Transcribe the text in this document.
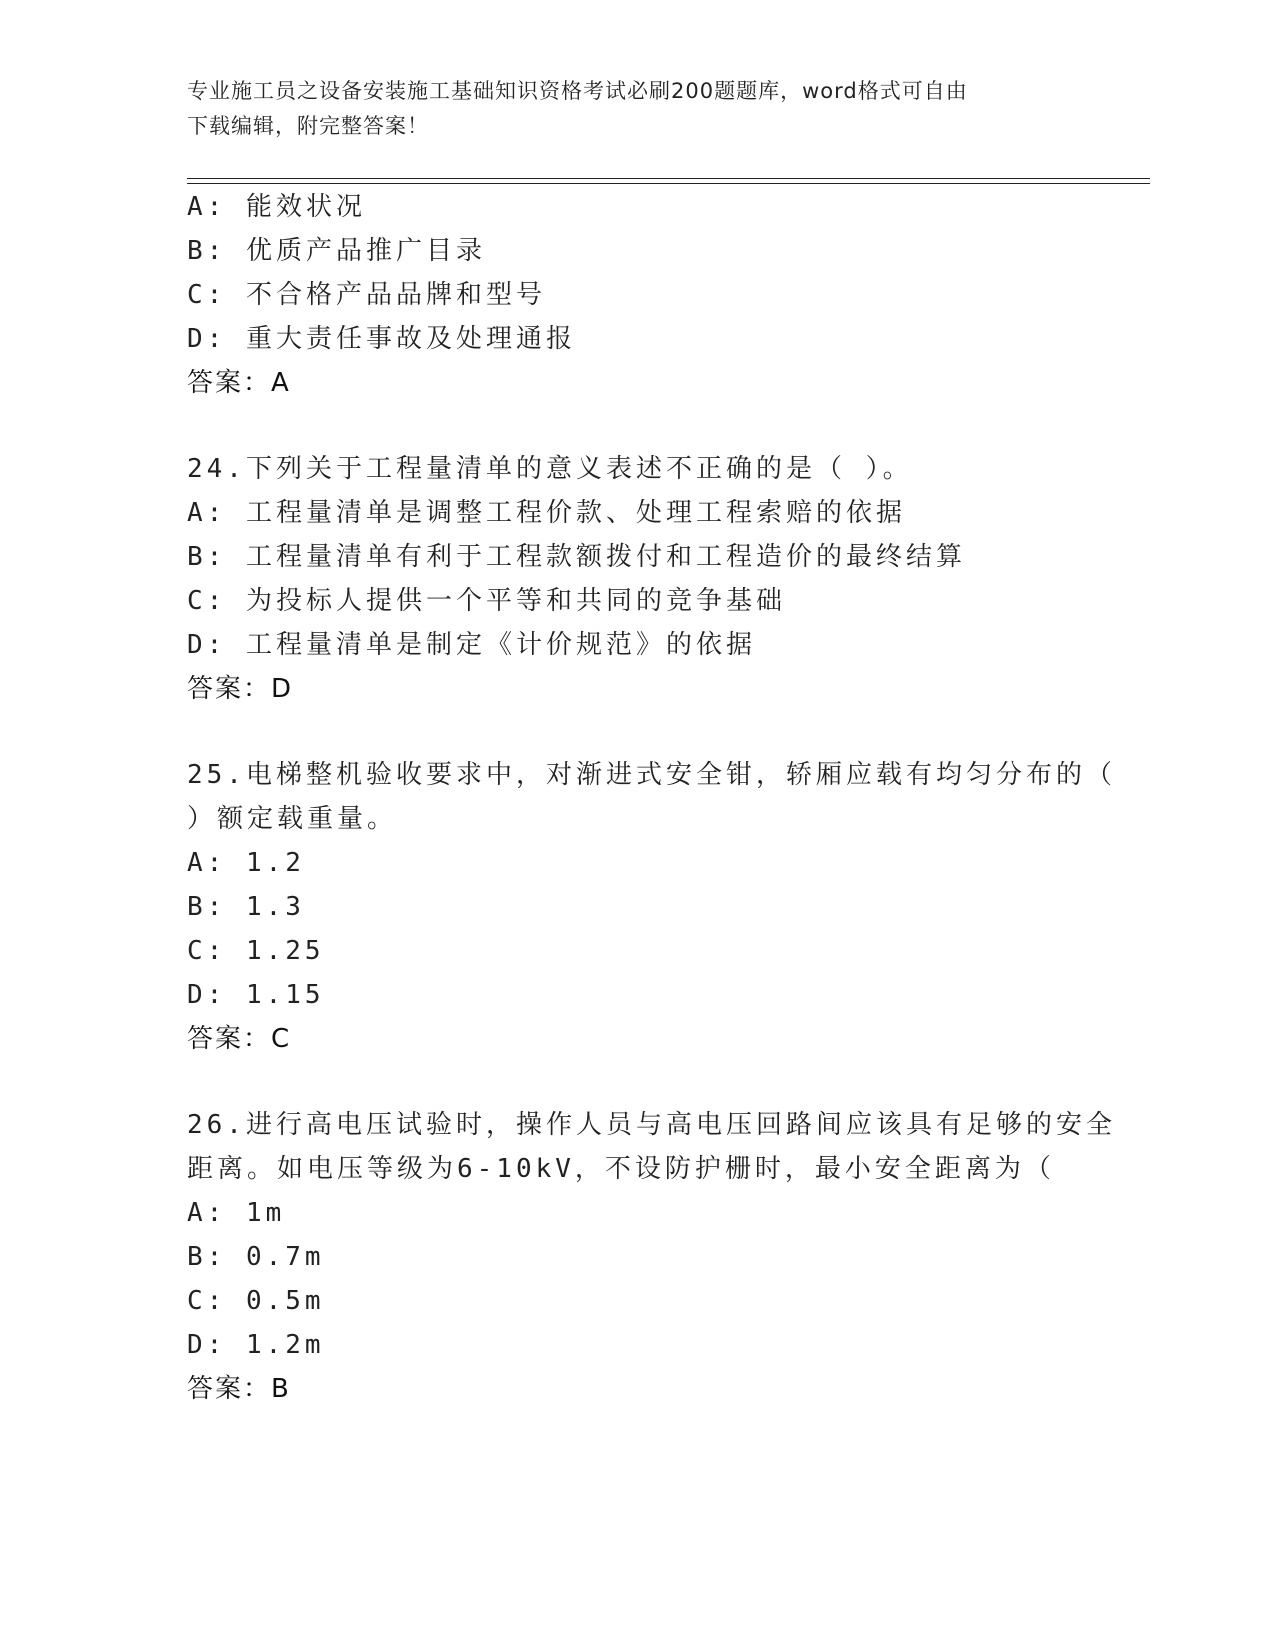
专业施工员之设备安装施工基础知识资格考试必刷200题题库，word格式可自由
下载编辑，附完整答案！
A: 能效状况
B: 优质产品推广目录
C: 不合格产品品牌和型号
D: 重大责任事故及处理通报
答案：A
24.下列关于工程量清单的意义表述不正确的是（ ）。
A: 工程量清单是调整工程价款、处理工程索赔的依据
B: 工程量清单有利于工程款额拨付和工程造价的最终结算
C: 为投标人提供一个平等和共同的竞争基础
D: 工程量清单是制定《计价规范》的依据
答案：D
25.电梯整机验收要求中，对渐进式安全钳，轿厢应载有均匀分布的（
）额定载重量。
A: 1.2
B: 1.3
C: 1.25
D: 1.15
答案：C
26.进行高电压试验时，操作人员与高电压回路间应该具有足够的安全
距离。如电压等级为6-10kV，不设防护栅时，最小安全距离为（
A: 1m
B: 0.7m
C: 0.5m
D: 1.2m
答案：B
